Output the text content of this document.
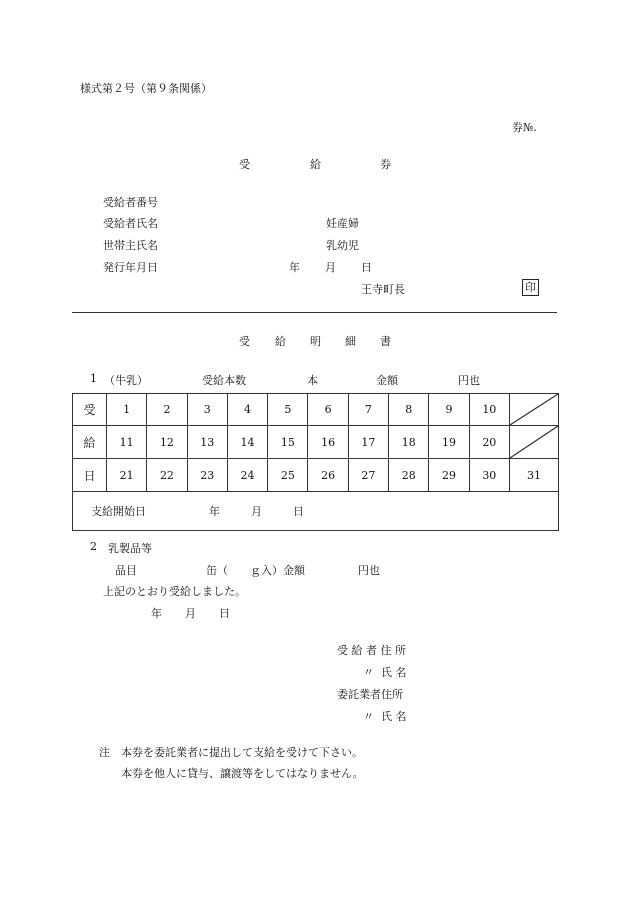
様式第２号（第９条関係）
券№.
受	給	券
受給者番号
受給者氏名
世帯主氏名
発行年月日
妊産婦
乳幼児
年 月 日
王寺町長	印
受 給 明 細 書
1 （牛乳）	受給本数	本	金額	円也
受	1	2	3	4	5	6	7	8	9	10	

給	11	12	13	14	15	16	17	18	19	20	

日	21	22	23	24	25	26	27	28	29	30	31
支給開始日 年 月 日											
2 乳製品等
品目	缶（　　ｇ入）金額	円也
上記のとおり受給しました。
年 月 日
受 給 者 住 所
〃 氏 名
委託業者住所
〃 氏 名
注 本券を委託業者に提出して支給を受けて下さい。
本券を他人に貸与、譲渡等をしてはなりません。
